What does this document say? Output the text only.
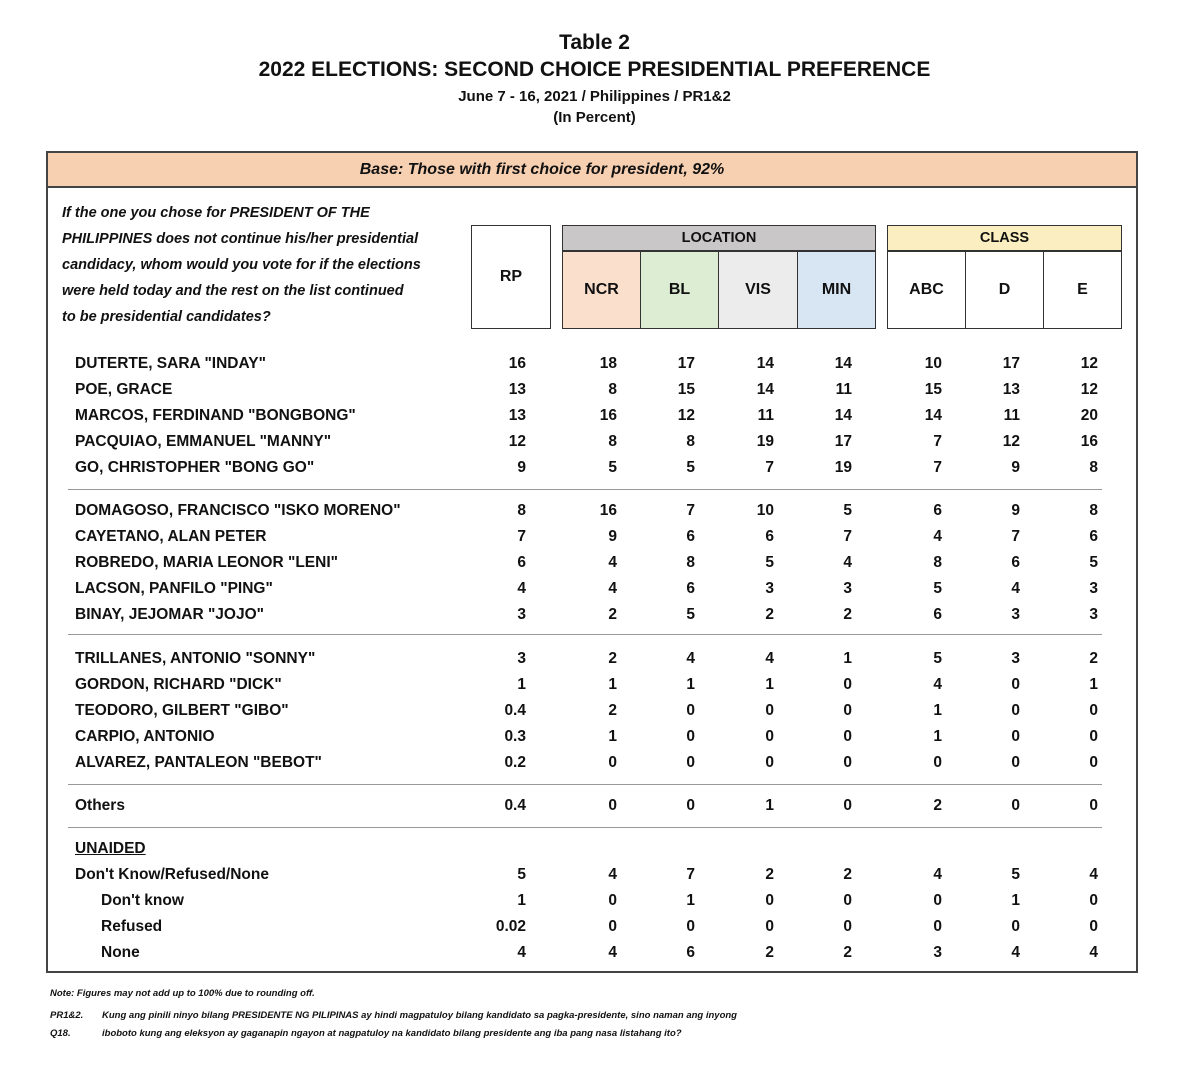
Table 2
2022 ELECTIONS: SECOND CHOICE PRESIDENTIAL PREFERENCE
June 7 - 16, 2021 / Philippines / PR1&2
(In Percent)
Base: Those with first choice for president, 92%
If the one you chose for PRESIDENT OF THE
PHILIPPINES does not continue his/her presidential
candidacy, whom would you vote for if the elections
were held today and the rest on the list continued
to be presidential candidates?
RP
LOCATION
NCR	BL	VIS	MIN
CLASS
ABC	D	E
DUTERTE, SARA "INDAY"	16	18	17	14	14	10	17	12
POE, GRACE	13	8	15	14	11	15	13	12
MARCOS, FERDINAND "BONGBONG"	13	16	12	11	14	14	11	20
PACQUIAO, EMMANUEL "MANNY"	12	8	8	19	17	7	12	16
GO, CHRISTOPHER "BONG GO"	9	5	5	7	19	7	9	8
DOMAGOSO, FRANCISCO "ISKO MORENO"	8	16	7	10	5	6	9	8
CAYETANO, ALAN PETER	7	9	6	6	7	4	7	6
ROBREDO, MARIA LEONOR "LENI"	6	4	8	5	4	8	6	5
LACSON, PANFILO "PING"	4	4	6	3	3	5	4	3
BINAY, JEJOMAR "JOJO"	3	2	5	2	2	6	3	3
TRILLANES, ANTONIO "SONNY"	3	2	4	4	1	5	3	2
GORDON, RICHARD "DICK"	1	1	1	1	0	4	0	1
TEODORO, GILBERT "GIBO"	0.4	2	0	0	0	1	0	0
CARPIO, ANTONIO	0.3	1	0	0	0	1	0	0
ALVAREZ, PANTALEON "BEBOT"	0.2	0	0	0	0	0	0	0
Others	0.4	0	0	1	0	2	0	0
UNAIDED
Don't Know/Refused/None	5	4	7	2	2	4	5	4
Don't know	1	0	1	0	0	0	1	0
Refused	0.02	0	0	0	0	0	0	0
None	4	4	6	2	2	3	4	4
Note: Figures may not add up to 100% due to rounding off.
PR1&2. Kung ang pinili ninyo bilang PRESIDENTE NG PILIPINAS ay hindi magpatuloy bilang kandidato sa pagka-presidente, sino naman ang inyong
Q18.	iboboto kung ang eleksyon ay gaganapin ngayon at nagpatuloy na kandidato bilang presidente ang iba pang nasa listahang ito?
